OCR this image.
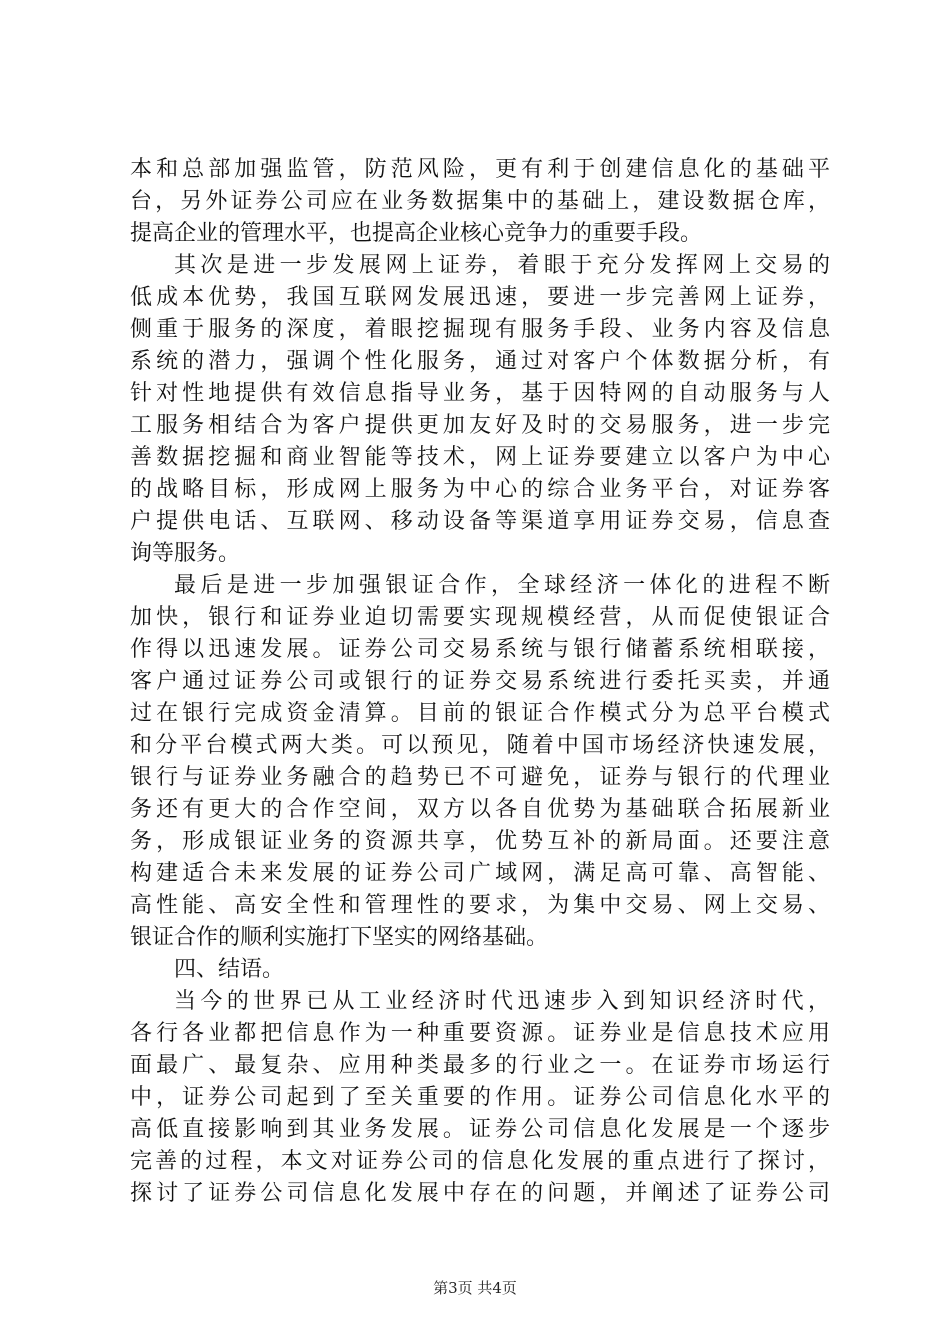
本和总部加强监管，防范风险，更有利于创建信息化的基础平
台，另外证券公司应在业务数据集中的基础上，建设数据仓库，
提高企业的管理水平，也提高企业核心竞争力的重要手段。
其次是进一步发展网上证券，着眼于充分发挥网上交易的
低成本优势，我国互联网发展迅速，要进一步完善网上证券，
侧重于服务的深度，着眼挖掘现有服务手段、业务内容及信息
系统的潜力，强调个性化服务，通过对客户个体数据分析，有
针对性地提供有效信息指导业务，基于因特网的自动服务与人
工服务相结合为客户提供更加友好及时的交易服务，进一步完
善数据挖掘和商业智能等技术，网上证券要建立以客户为中心
的战略目标，形成网上服务为中心的综合业务平台，对证券客
户提供电话、互联网、移动设备等渠道享用证券交易，信息查
询等服务。
最后是进一步加强银证合作，全球经济一体化的进程不断
加快，银行和证券业迫切需要实现规模经营，从而促使银证合
作得以迅速发展。证券公司交易系统与银行储蓄系统相联接，
客户通过证券公司或银行的证券交易系统进行委托买卖，并通
过在银行完成资金清算。目前的银证合作模式分为总平台模式
和分平台模式两大类。可以预见，随着中国市场经济快速发展，
银行与证券业务融合的趋势已不可避免，证券与银行的代理业
务还有更大的合作空间，双方以各自优势为基础联合拓展新业
务，形成银证业务的资源共享，优势互补的新局面。还要注意
构建适合未来发展的证券公司广域网，满足高可靠、高智能、
高性能、高安全性和管理性的要求，为集中交易、网上交易、
银证合作的顺利实施打下坚实的网络基础。
四、结语。
当今的世界已从工业经济时代迅速步入到知识经济时代，
各行各业都把信息作为一种重要资源。证券业是信息技术应用
面最广、最复杂、应用种类最多的行业之一。在证券市场运行
中，证券公司起到了至关重要的作用。证券公司信息化水平的
高低直接影响到其业务发展。证券公司信息化发展是一个逐步
完善的过程，本文对证券公司的信息化发展的重点进行了探讨，
探讨了证券公司信息化发展中存在的问题，并阐述了证券公司
第3页 共4页
